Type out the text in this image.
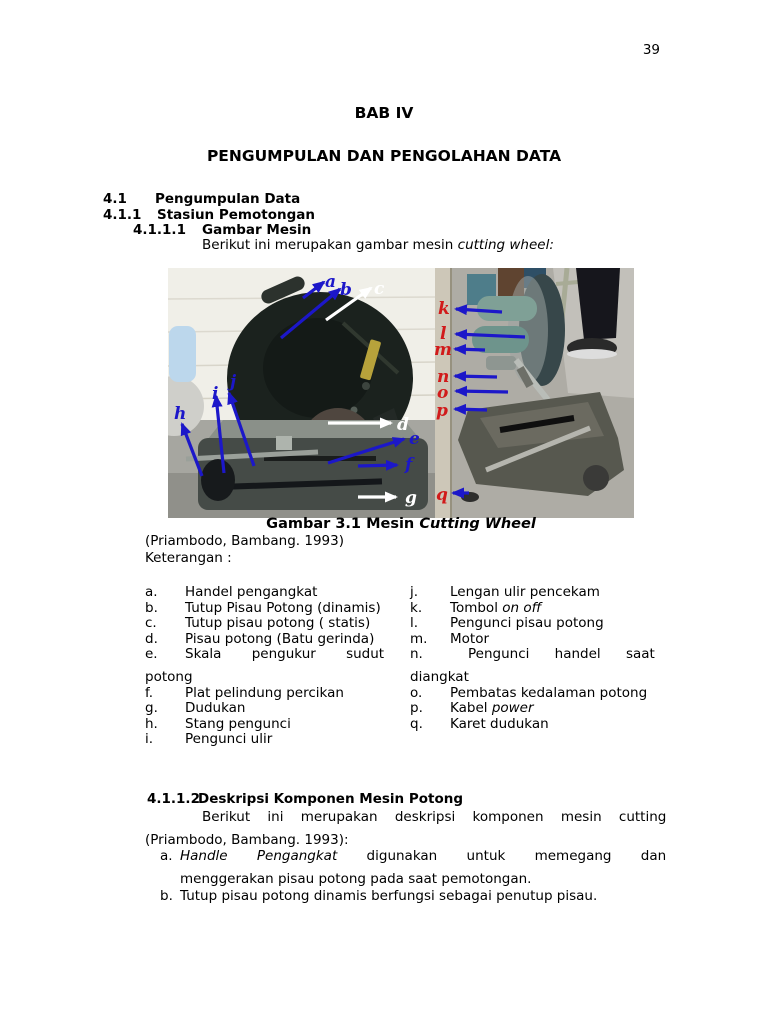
39
BAB IV
PENGUMPULAN DAN PENGOLAHAN DATA
4.1 Pengumpulan Data
4.1.1 Stasiun Pemotongan
4.1.1.1 Gambar Mesin
Berikut ini merupakan gambar mesin cutting wheel:
a b c
d
e
f
g
h
i
j
k
l
m
n
o
p
q
Gambar 3.1 Mesin Cutting Wheel
(Priambodo, Bambang. 1993)
Keterangan :
a. Handel pengangkat
b. Tutup Pisau Potong (dinamis)
c. Tutup pisau potong ( statis)
d. Pisau potong (Batu gerinda)
e. Skala pengukur sudut
potong
f. Plat pelindung percikan
g. Dudukan
h. Stang pengunci
i. Pengunci ulir
j. Lengan ulir pencekam
k. Tombol on off
l. Pengunci pisau potong
m. Motor
n.	Pengunci handel saat
diangkat
o. Pembatas kedalaman potong
p. Kabel power
q. Karet dudukan
4.1.1.2Deskripsi Komponen Mesin Potong
Berikut ini merupakan deskripsi komponen mesin cutting
(Priambodo, Bambang. 1993):
a. Handle Pengangkat digunakan untuk memegang dan
menggerakan pisau potong pada saat pemotongan.
b. Tutup pisau potong dinamis berfungsi sebagai penutup pisau.
